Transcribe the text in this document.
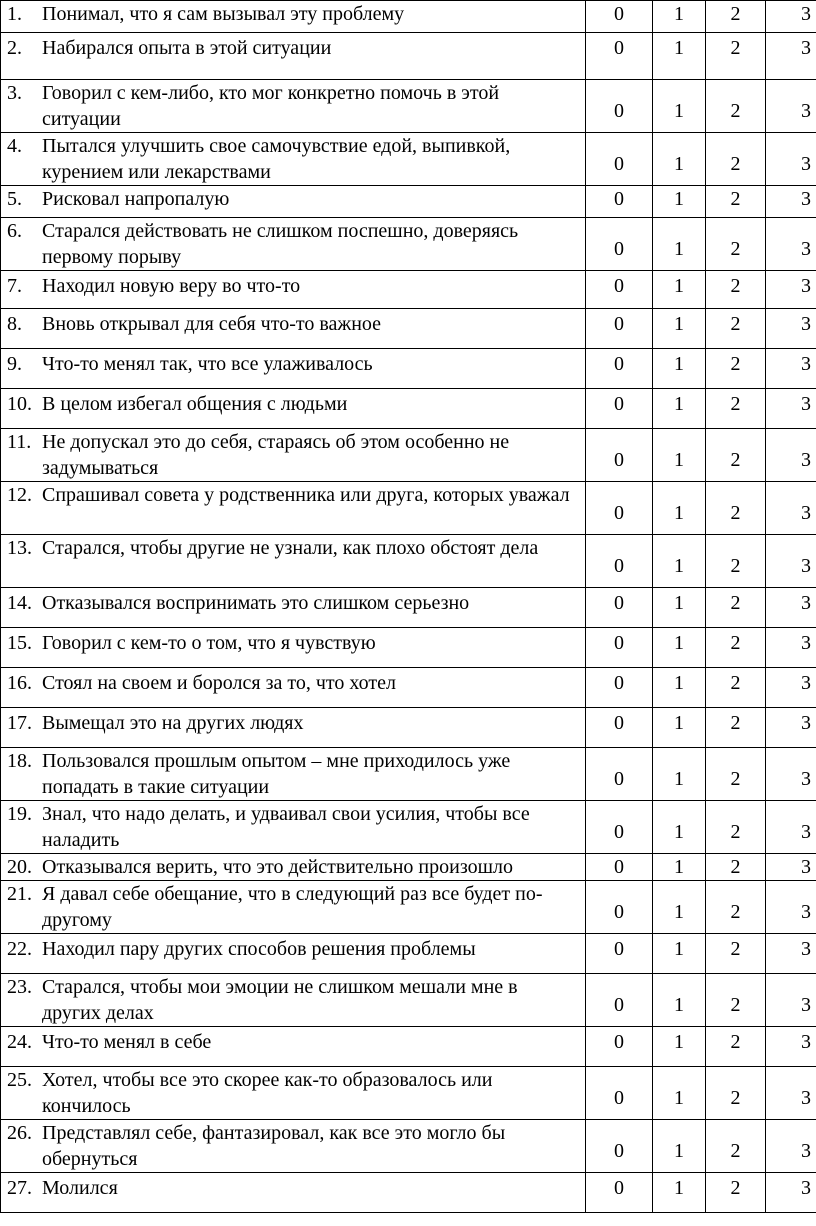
1. Понимал, что я сам вызывал эту проблему	0	1	2	3

2. Набирался опыта в этой ситуации	0	1	2	3

3. Говорил с кем-либо, кто мог конкретно помочь в этой ситуации	0	1	2	3

4. Пытался улучшить свое самочувствие едой, выпивкой, курением или лекарствами	0	1	2	3

5. Рисковал напропалую	0	1	2	3

6. Старался действовать не слишком поспешно, доверяясь первому порыву	0	1	2	3

7. Находил новую веру во что-то	0	1	2	3

8. Вновь открывал для себя что-то важное	0	1	2	3

9. Что-то менял так, что все улаживалось	0	1	2	3

10. В целом избегал общения с людьми	0	1	2	3

11. Не допускал это до себя, стараясь об этом особенно не задумываться	0	1	2	3

12. Спрашивал совета у родственника или друга, которых уважал	0	1	2	3

13. Старался, чтобы другие не узнали, как плохо обстоят дела	0	1	2	3

14. Отказывался воспринимать это слишком серьезно	0	1	2	3

15. Говорил с кем-то о том, что я чувствую	0	1	2	3

16. Стоял на своем и боролся за то, что хотел	0	1	2	3

17. Вымещал это на других людях	0	1	2	3

18. Пользовался прошлым опытом – мне приходилось уже попадать в такие ситуации	0	1	2	3

19. Знал, что надо делать, и удваивал свои усилия, чтобы все наладить	0	1	2	3

20. Отказывался верить, что это действительно произошло	0	1	2	3

21. Я давал себе обещание, что в следующий раз все будет по-другому	0	1	2	3

22. Находил пару других способов решения проблемы	0	1	2	3

23. Старался, чтобы мои эмоции не слишком мешали мне в других делах	0	1	2	3

24. Что-то менял в себе	0	1	2	3

25. Хотел, чтобы все это скорее как-то образовалось или кончилось	0	1	2	3

26. Представлял себе, фантазировал, как все это могло бы обернуться	0	1	2	3

27. Молился	0	1	2	3
